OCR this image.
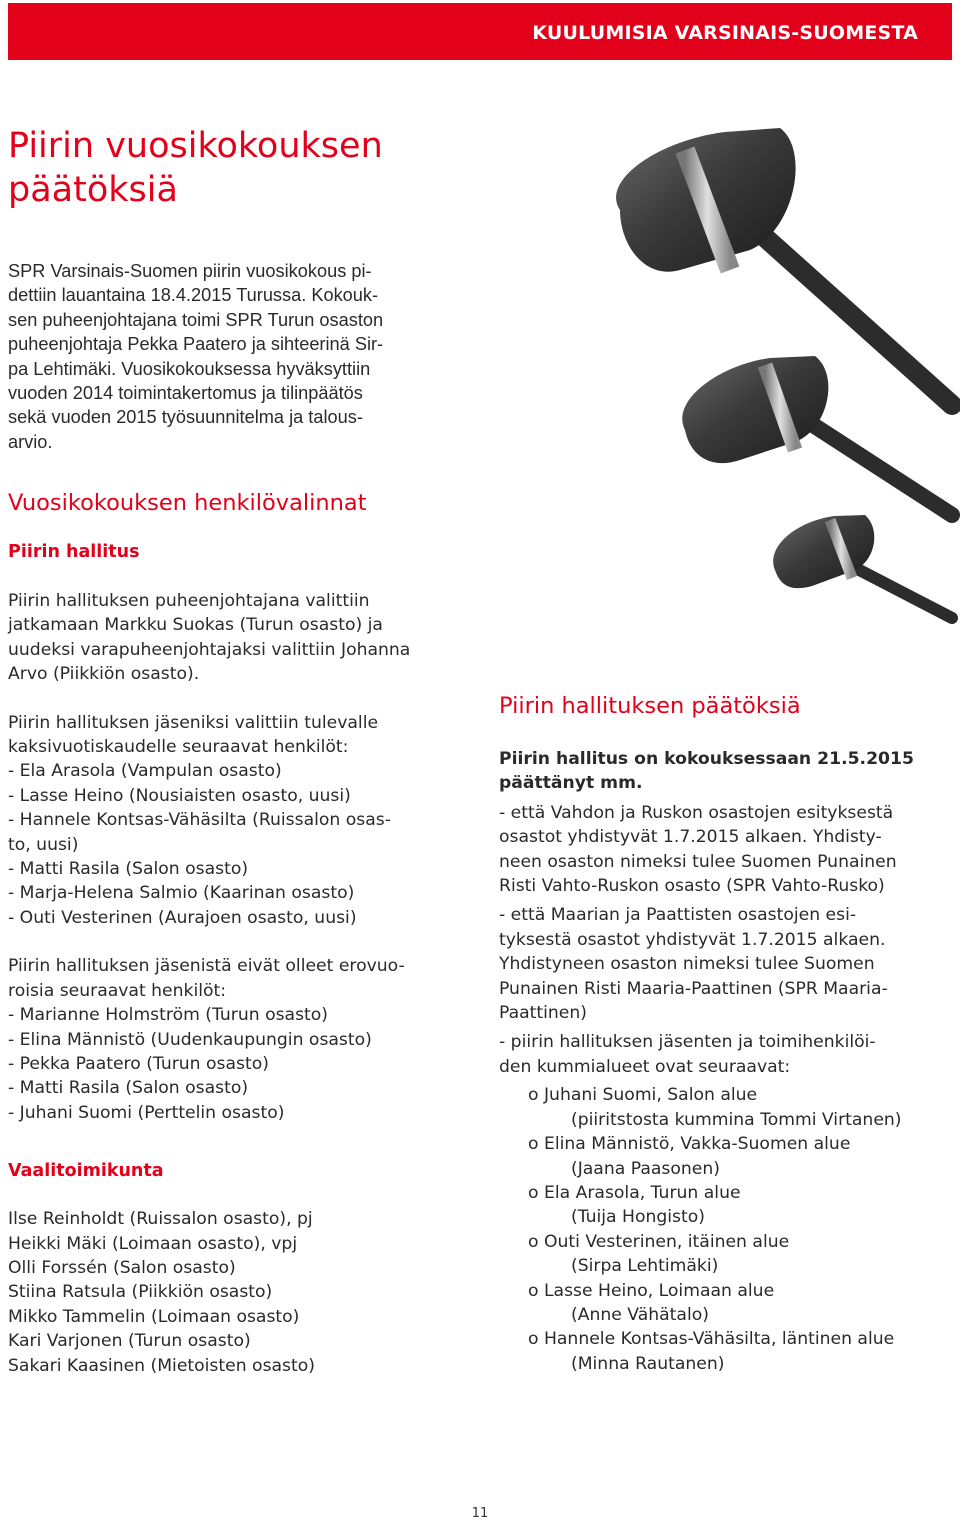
KUULUMISIA VARSINAIS-SUOMESTA
Piirin vuosikokouksen
päätöksiä

SPR Varsinais-Suomen piirin vuosikokous pi-
dettiin lauantaina 18.4.2015 Turussa. Kokouk-
sen puheenjohtajana toimi SPR Turun osaston
puheenjohtaja Pekka Paatero ja sihteerinä Sir-
pa Lehtimäki. Vuosikokouksessa hyväksyttiin
vuoden 2014 toimintakertomus ja tilinpäätös
sekä vuoden 2015 työsuunnitelma ja talous-
arvio.

Vuosikokouksen henkilövalinnat
Piirin hallitus

Piirin hallituksen puheenjohtajana valittiin
jatkamaan Markku Suokas (Turun osasto) ja
uudeksi varapuheenjohtajaksi valittiin Johanna
Arvo (Piikkiön osasto).

Piirin hallituksen jäseniksi valittiin tulevalle
kaksivuotiskaudelle seuraavat henkilöt:
- Ela Arasola (Vampulan osasto)
- Lasse Heino (Nousiaisten osasto, uusi)
- Hannele Kontsas-Vähäsilta (Ruissalon osas-
to, uusi)
- Matti Rasila (Salon osasto)
- Marja-Helena Salmio (Kaarinan osasto)
- Outi Vesterinen (Aurajoen osasto, uusi)

Piirin hallituksen jäsenistä eivät olleet erovuo-
roisia seuraavat henkilöt:
- Marianne Holmström (Turun osasto)
- Elina Männistö (Uudenkaupungin osasto)
- Pekka Paatero (Turun osasto)
- Matti Rasila (Salon osasto)
- Juhani Suomi (Perttelin osasto)

Vaalitoimikunta

Ilse Reinholdt (Ruissalon osasto), pj
Heikki Mäki (Loimaan osasto), vpj
Olli Forssén (Salon osasto)
Stiina Ratsula (Piikkiön osasto)
Mikko Tammelin (Loimaan osasto)
Kari Varjonen (Turun osasto)
Sakari Kaasinen (Mietoisten osasto)

Piirin hallituksen päätöksiä

Piirin hallitus on kokouksessaan 21.5.2015
päättänyt mm.

- että Vahdon ja Ruskon osastojen esityksestä
osastot yhdistyvät 1.7.2015 alkaen. Yhdisty-
neen osaston nimeksi tulee Suomen Punainen
Risti Vahto-Ruskon osasto (SPR Vahto-Rusko)

- että Maarian ja Paattisten osastojen esi-
tyksestä osastot yhdistyvät 1.7.2015 alkaen.
Yhdistyneen osaston nimeksi tulee Suomen
Punainen Risti Maaria-Paattinen (SPR Maaria-
Paattinen)

- piirin hallituksen jäsenten ja toimihenkilöi-
den kummialueet ovat seuraavat:

o Juhani Suomi, Salon alue
(piiritstosta kummina Tommi Virtanen)
o Elina Männistö, Vakka-Suomen alue
(Jaana Paasonen)
o Ela Arasola, Turun alue
(Tuija Hongisto)
o Outi Vesterinen, itäinen alue
(Sirpa Lehtimäki)
o Lasse Heino, Loimaan alue
(Anne Vähätalo)
o Hannele Kontsas-Vähäsilta, läntinen alue
(Minna Rautanen)
11
